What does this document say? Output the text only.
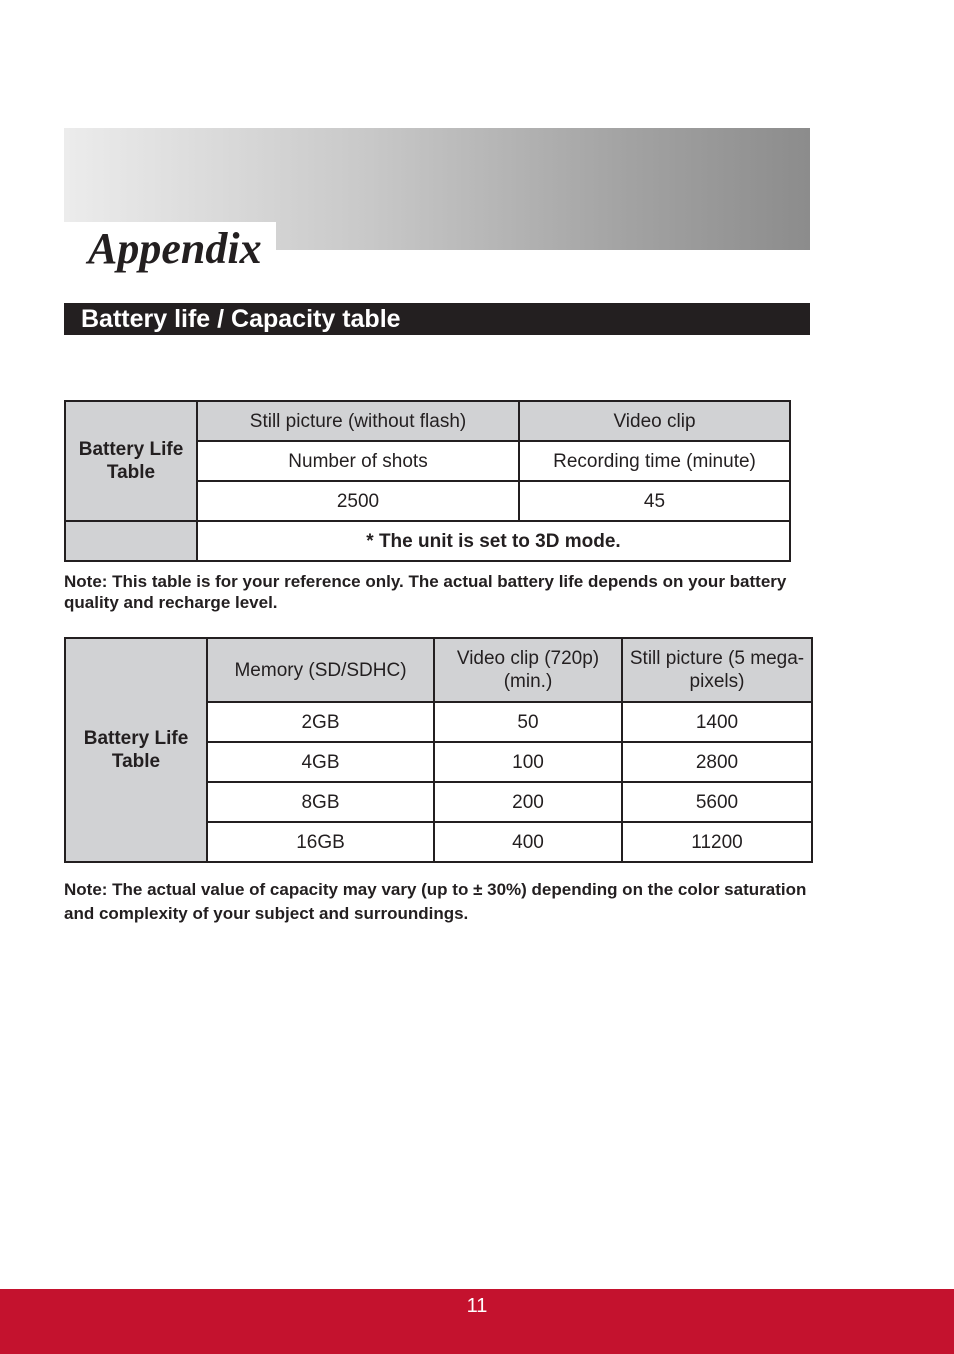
Appendix
Battery life / Capacity table
Battery Life Table	Still picture (without flash)	Video clip
	Number of shots	Recording time (minute)
	2500	45
	* The unit is set to 3D mode.	

Note: This table is for your reference only. The actual battery life depends on your battery quality and recharge level.

Battery Life Table	Memory (SD/SDHC)	Video clip (720p) (min.)	Still picture (5 mega-pixels)
	2GB	50	1400
	4GB	100	2800
	8GB	200	5600
	16GB	400	11200

Note: The actual value of capacity may vary (up to ± 30%) depending on the color saturation and complexity of your subject and surroundings.

11
